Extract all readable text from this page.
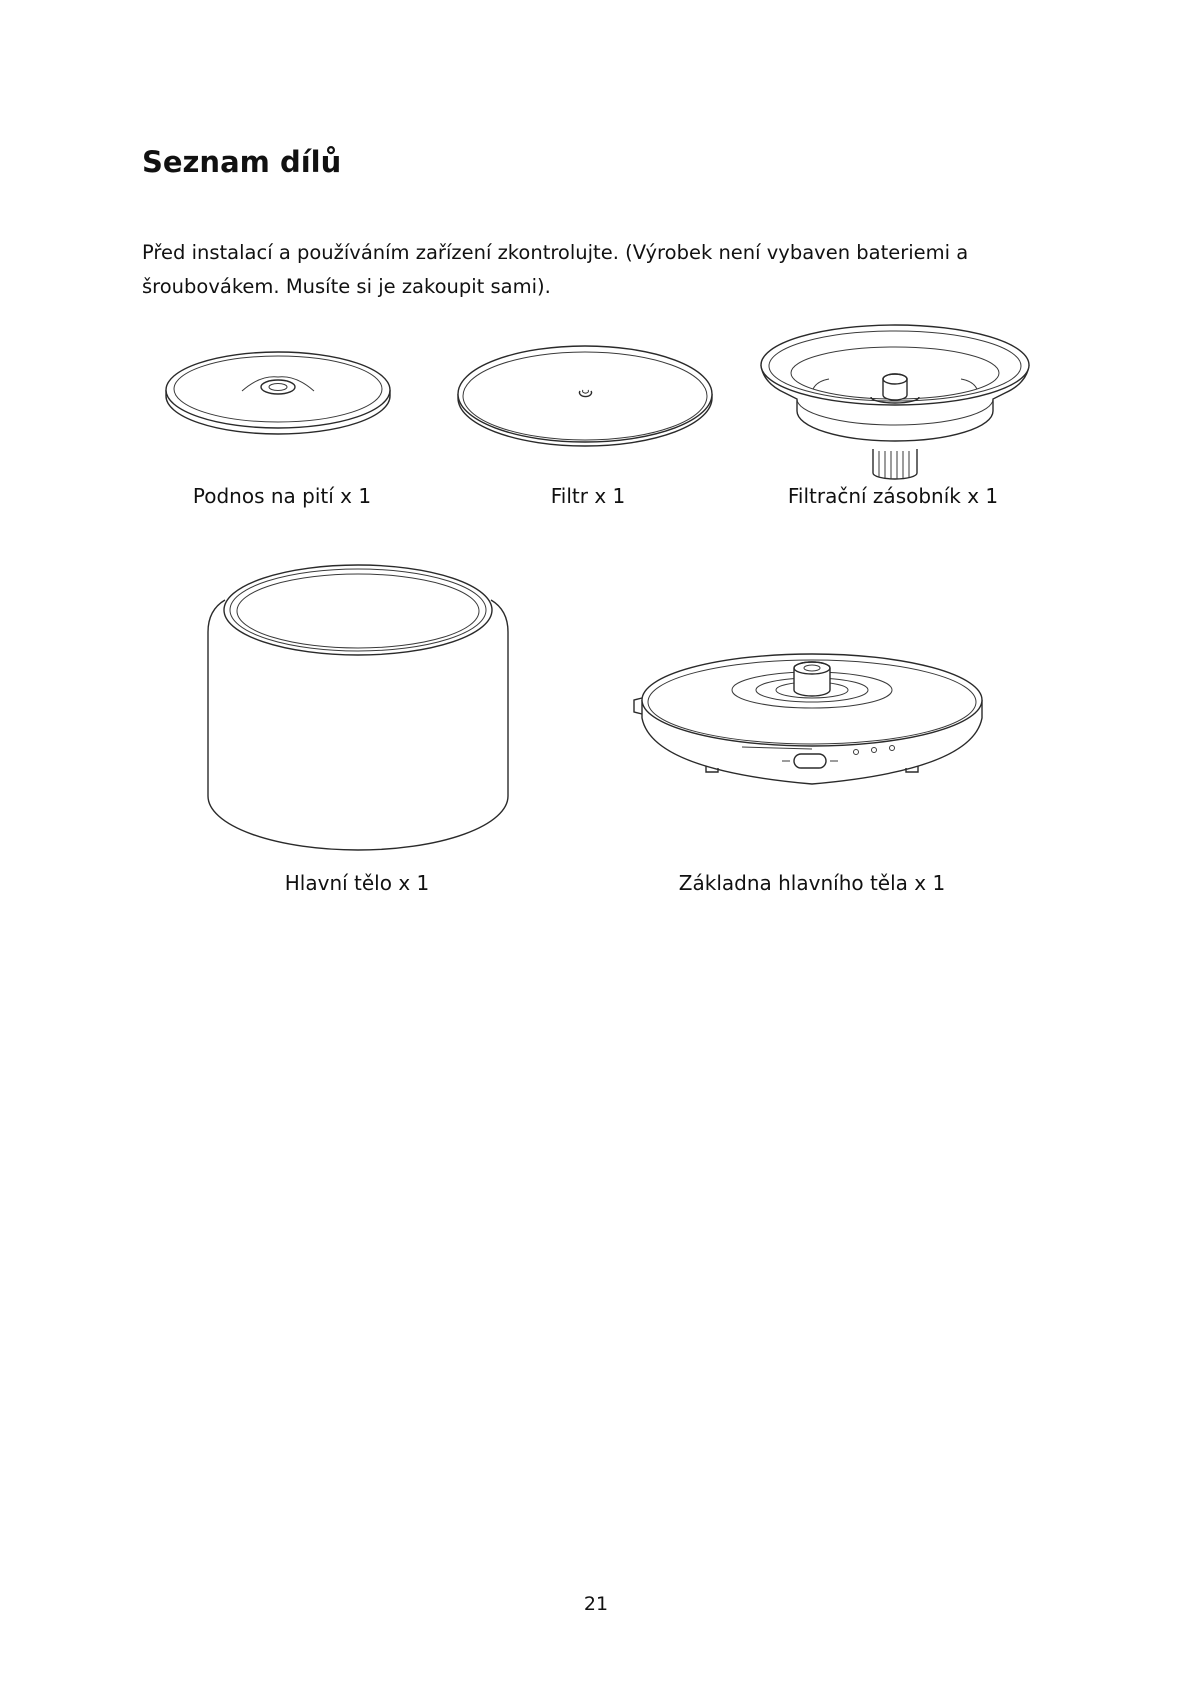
Seznam dílů

Před instalací a používáním zařízení zkontrolujte. (Výrobek není vybaven bateriemi a
šroubovákem. Musíte si je zakoupit sami).

Podnos na pití x 1	Filtr x 1	Filtrační zásobník x 1
Hlavní tělo x 1	Základna hlavního těla x 1
21
